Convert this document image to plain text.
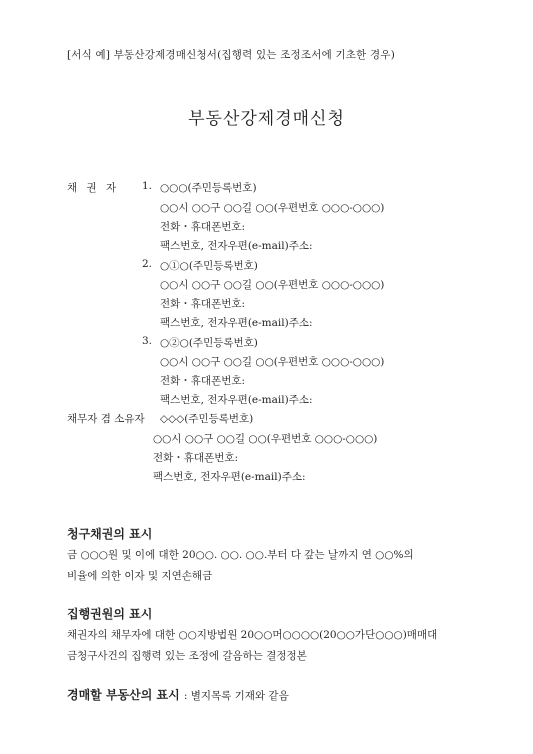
[서식 예] 부동산강제경매신청서(집행력 있는 조정조서에 기초한 경우)
부동산강제경매신청
채 권 자 1. ○○○(주민등록번호)
○○시 ○○구 ○○길 ○○(우편번호 ○○○-○○○)
전화・휴대폰번호:
팩스번호, 전자우편(e-mail)주소:
2. ○①○(주민등록번호)
○○시 ○○구 ○○길 ○○(우편번호 ○○○-○○○)
전화・휴대폰번호:
팩스번호, 전자우편(e-mail)주소:
3. ○②○(주민등록번호)
○○시 ○○구 ○○길 ○○(우편번호 ○○○-○○○)
전화・휴대폰번호:
팩스번호, 전자우편(e-mail)주소:
채무자 겸 소유자 ◇◇◇(주민등록번호)
○○시 ○○구 ○○길 ○○(우편번호 ○○○-○○○)
전화・휴대폰번호:
팩스번호, 전자우편(e-mail)주소:
청구채권의 표시
금 ○○○원 및 이에 대한 20○○. ○○. ○○.부터 다 갚는 날까지 연 ○○%의
비율에 의한 이자 및 지연손해금
집행권원의 표시
채권자의 채무자에 대한 ○○지방법원 20○○머○○○○(20○○가단○○○)매매대
금청구사건의 집행력 있는 조정에 갈음하는 결정정본
경매할 부동산의 표시 : 별지목록 기재와 같음
